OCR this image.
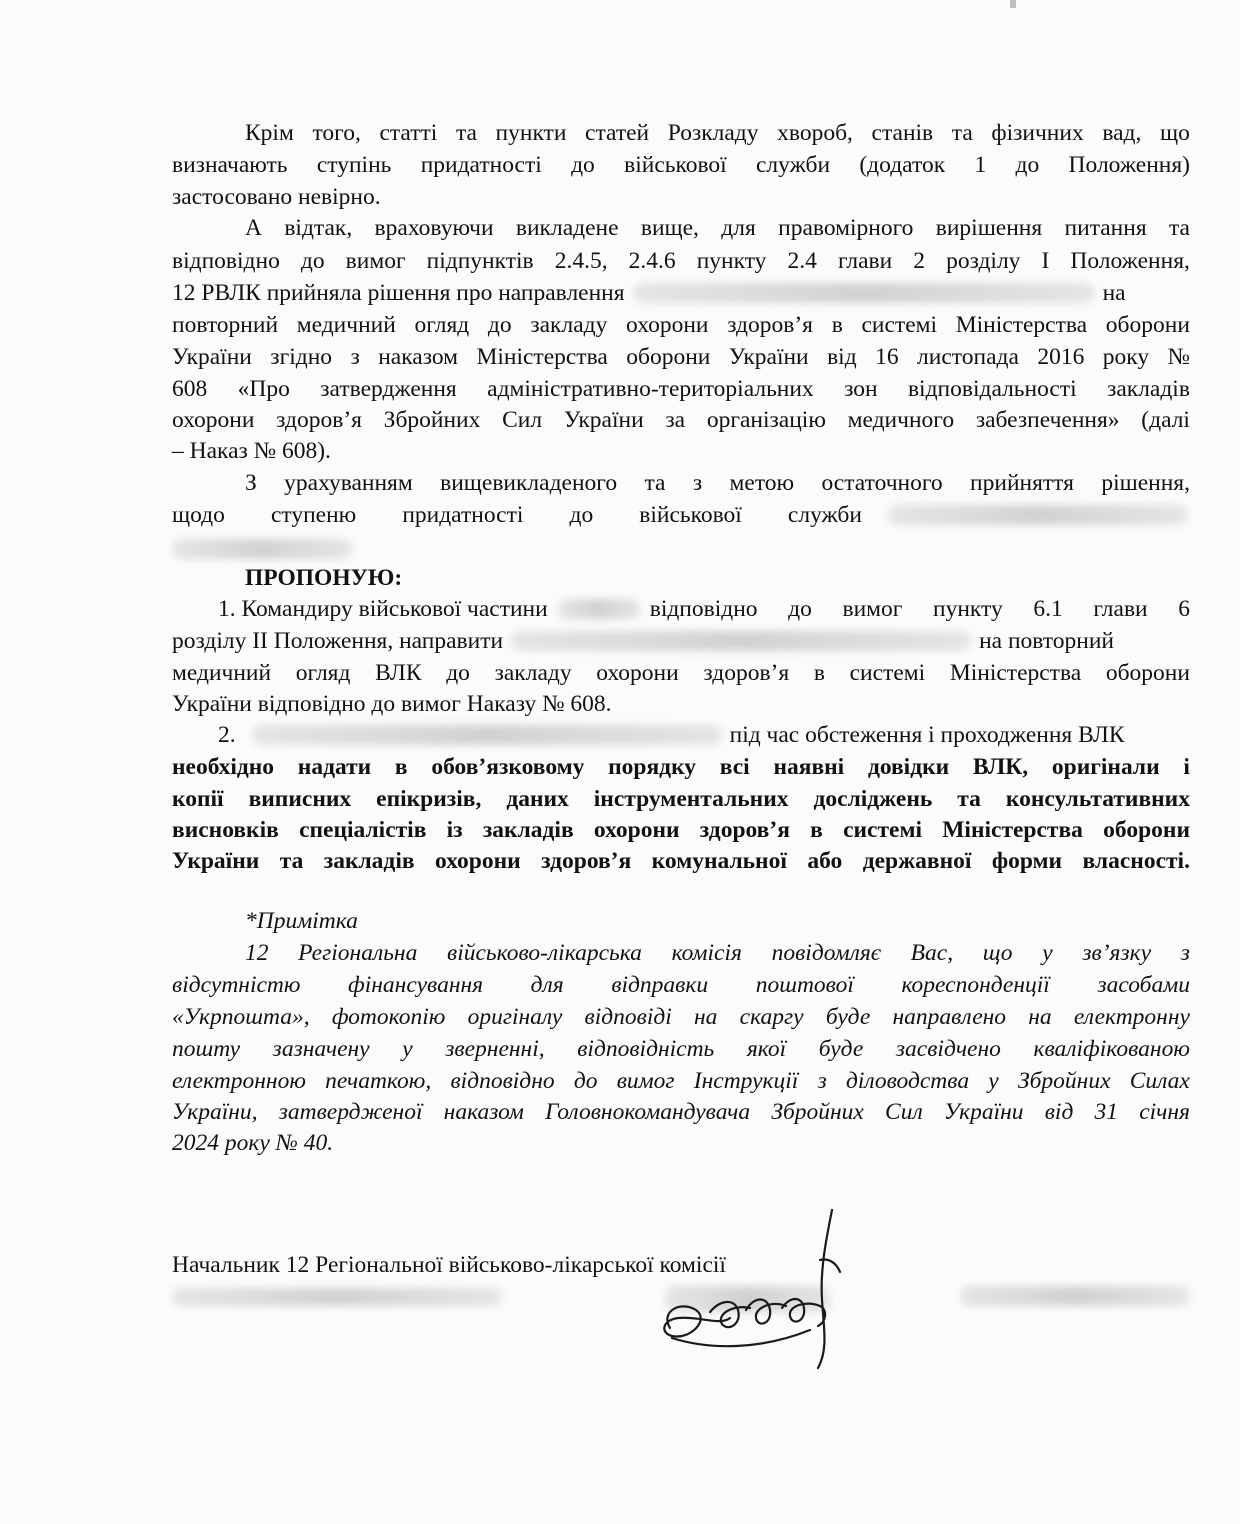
Крім того, статті та пункти статей Розкладу хвороб, станів та фізичних вад, що
визначають ступінь придатності до військової служби (додаток 1 до Положення)
застосовано невірно.
А відтак, враховуючи викладене вище, для правомірного вирішення питання та
відповідно до вимог підпунктів 2.4.5, 2.4.6 пункту 2.4 глави 2 розділу І Положення,
12 РВЛК прийняла рішення про направлення	на
повторний медичний огляд до закладу охорони здоров’я в системі Міністерства оборони
України згідно з наказом Міністерства оборони України від 16 листопада 2016 року №
608 «Про затвердження адміністративно-територіальних зон відповідальності закладів
охорони здоров’я Збройних Сил України за організацію медичного забезпечення» (далі
– Наказ № 608).
З урахуванням вищевикладеного та з метою остаточного прийняття рішення,
щодо ступеню придатності до військової служби
ПРОПОНУЮ:
1. Командиру військової частини	відповідно до вимог пункту 6.1 глави 6
розділу ІІ Положення, направити	на повторний
медичний огляд ВЛК до закладу охорони здоров’я в системі Міністерства оборони
України відповідно до вимог Наказу № 608.
2.	під час обстеження і проходження ВЛК
необхідно надати в обов’язковому порядку всі наявні довідки ВЛК, оригінали і
копії виписних епікризів, даних інструментальних досліджень та консультативних
висновків спеціалістів із закладів охорони здоров’я в системі Міністерства оборони
України та закладів охорони здоров’я комунальної або державної форми власності.
*Примітка
12 Регіональна військово-лікарська комісія повідомляє Вас, що у зв’язку з
відсутністю фінансування для відправки поштової кореспонденції засобами
«Укрпошта», фотокопію оригіналу відповіді на скаргу буде направлено на електронну
пошту зазначену у зверненні, відповідність якої буде засвідчено кваліфікованою
електронною печаткою, відповідно до вимог Інструкції з діловодства у Збройних Силах
України, затвердженої наказом Головнокомандувача Збройних Сил України від 31 січня
2024 року № 40.
Начальник 12 Регіональної військово-лікарської комісії
